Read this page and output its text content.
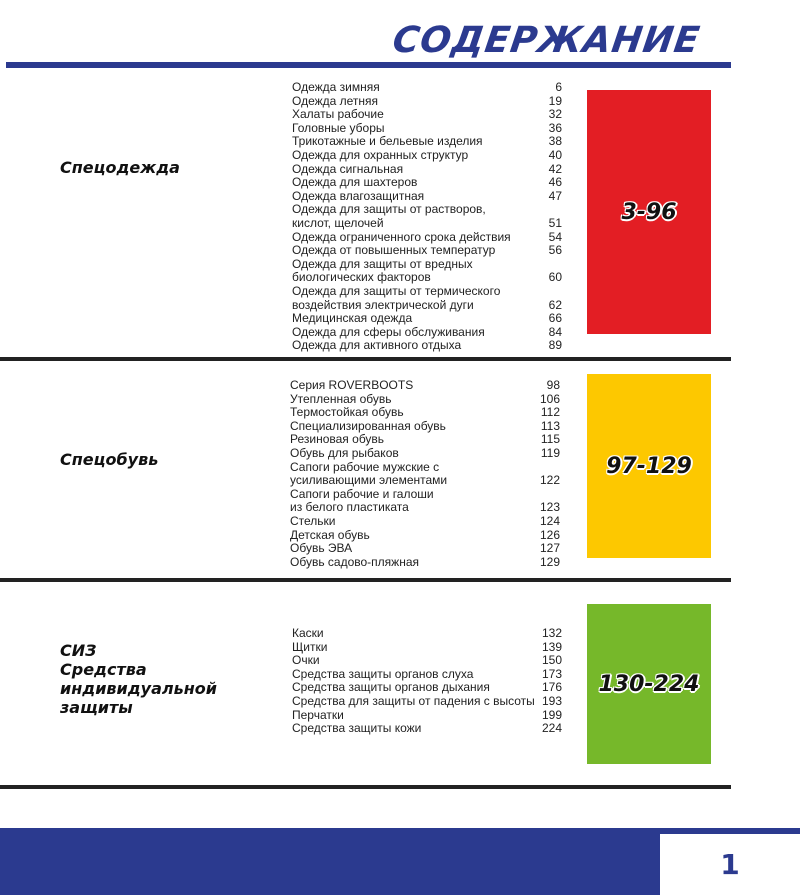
СОДЕРЖАНИЕ
Спецодежда
Одежда зимняя	6
Одежда летняя	19
Халаты рабочие	32
Головные уборы	36
Трикотажные и бельевые изделия	38
Одежда для охранных структур	40
Одежда сигнальная	42
Одежда для шахтеров	46
Одежда влагозащитная	47
Одежда для защиты от растворов,
кислот, щелочей	51
Одежда ограниченного срока действия	54
Одежда от повышенных температур	56
Одежда для защиты от вредных
биологических факторов	60
Одежда для защиты от термического
воздействия электрической дуги	62
Медицинская одежда	66
Одежда для сферы обслуживания	84
Одежда для активного отдыха	89
3-96
Спецобувь
Серия ROVERBOOTS	98
Утепленная обувь	106
Термостойкая обувь	112
Специализированная обувь	113
Резиновая обувь	115
Обувь для рыбаков	119
Сапоги рабочие мужские с
усиливающими элементами	122
Сапоги рабочие и галоши
из белого пластиката	123
Стельки	124
Детская обувь	126
Обувь ЭВА	127
Обувь садово-пляжная	129
97-129
СИЗ
Средства
индивидуальной
защиты
Каски	132
Щитки	139
Очки	150
Средства защиты органов слуха	173
Средства защиты органов дыхания	176
Средства для защиты от падения с высоты 193
Перчатки	199
Средства защиты кожи	224
130-224
1
